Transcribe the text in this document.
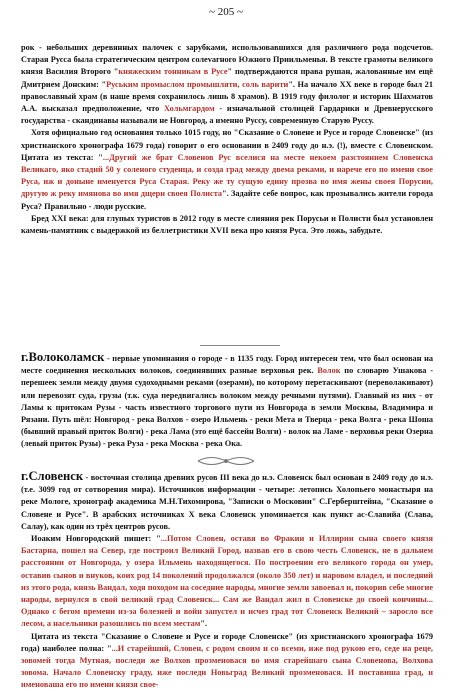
~ 205 ~

рок - небольших деревянных палочек с зарубками, использовавшихся для различного рода подсчетов. Старая Русса была стратегическим центром солеvarного Южного Приильменья. В тексте грамоты великого князя Василия Второго "княжеским тонникам в Русе" подтверждаются права рушан, жалованные им ещё Дмитрием Донским: "Руським промыслом промышляти, соль варити". На начало XX веке в городе был 21 православный храм (в наше время сохранилось лишь 8 храмов). В 1919 году филолог и историк Шахматов А.А. высказал предположение, что Хольмгардом - изначальной столицей Гардарики и Древнерусского государства - скандинавы называли не Новгород, а именно Руссу, современную Старую Руссу.

Хотя официально год основания только 1015 году, но "Сказание о Словене и Русе и городе Словенске" (из христианского хронографа 1679 года) говорит о его основании в 2409 году до н.э. (!), вместе с Словенском. Цитата из текста: "...Другий же брат Словенов Рус вселися на месте некоем разстоянием Словенска Великаго, яко стадий 50 у соленого студенца, и созда град между двема реками, и нарече его по имени свое Руса, иж и доныне именуется Руса Старая. Реку же ту сущую едину прозва во имя жены своея Порусии, другую ж реку имянова во имя дщери своея Полиста". Задайте себе вопрос, как прозывались жители города Руса? Правильно - люди русские.

Бред XXI века: для глупых туристов в 2012 году в месте слияния рек Порусьи и Полисти был установлен камень-памятник с выдержкой из беллетристики XVII века про князя Руса. Это ложь, забудьте.

г.Волоколамск - первые упоминания о городе - в 1135 году. Город интересен тем, что был основан на месте соединения нескольких волоков, соединявших разные верховья рек. Волок по словарю Ушакова - перешеек земли между двумя судоходными реками (озерами), по которому перетаскивают (переволакивают) или перевозят суда, грузы (т.к. суда передвигались волоком между речными путями). Главный из них - от Ламы к притокам Рузы - часть известного торгового пути из Новгорода в земли Москвы, Владимира и Рязани. Путь шёл: Новгород - река Волхов - озеро Ильмень - реки Мета и Тверца - река Волга - река Шоша (бывший правый приток Волги) - река Лама (это ещё бассейн Волги) - волок на Ламе - верховья реки Озерна (левый приток Рузы) - река Руза - река Москва - река Ока.

г.Словенск - восточная столица древних русов III века до н.э. Словенск был основан в 2409 году до н.э. (т.е. 3099 год от сотворения мира). Источников информации - четыре: летопись Холопьего монастыря на реке Мологе, хронограф академика М.Н.Тихомирова, "Записки о Московии" С.Герберштейна, "Сказание о Словене и Русе". В арабских источниках X века Словенск упоминается как пункт ас-Славийа (Слава, Салау), как один из трёх центров русов.

Иоаким Новгородский пишет: "...Потом Словен, оставя во Фракии и Иллирии сына своего князя Бастарна, пошел на Север, где построил Великий Город, назвав его в свою честь Словенск, не в дальнем расстоянии от Новгорода, у озера Ильмень находящегося. По построении его великого города он умер, оставив сынов и внуков, коих род 14 поколений продолжался (около 350 лет) и наровом владел, и последний из этого рода, князь Вандал, ходя походом на соседние народы, многие земли завоевал и, покорив себе многие народы, вернулся в свой великий град Словенск... Сам же Вандал жил в Словенске до своей кончины... Однако с бегом времени из-за болезней и войн запустел и исчез град тот Словенск Великий – заросло все лесом, а насельники разошлись по всем местам".

Цитата из текста "Сказание о Словене и Русе и городе Словенске" (из христианского хронографа 1679 года) наиболее полна: "...И старейший, Словен, с родом своим и со всеми, иже под рукою его, седе на реце, зовомей тогда Мутная, последи же Волхов прозменовася во имя старейшаго сына Словенова, Волхова зовома. Начало Словенску граду, иже последи Новьград Великий прозменовася. И поставиша град, и именоваша его по имени князя свое-
